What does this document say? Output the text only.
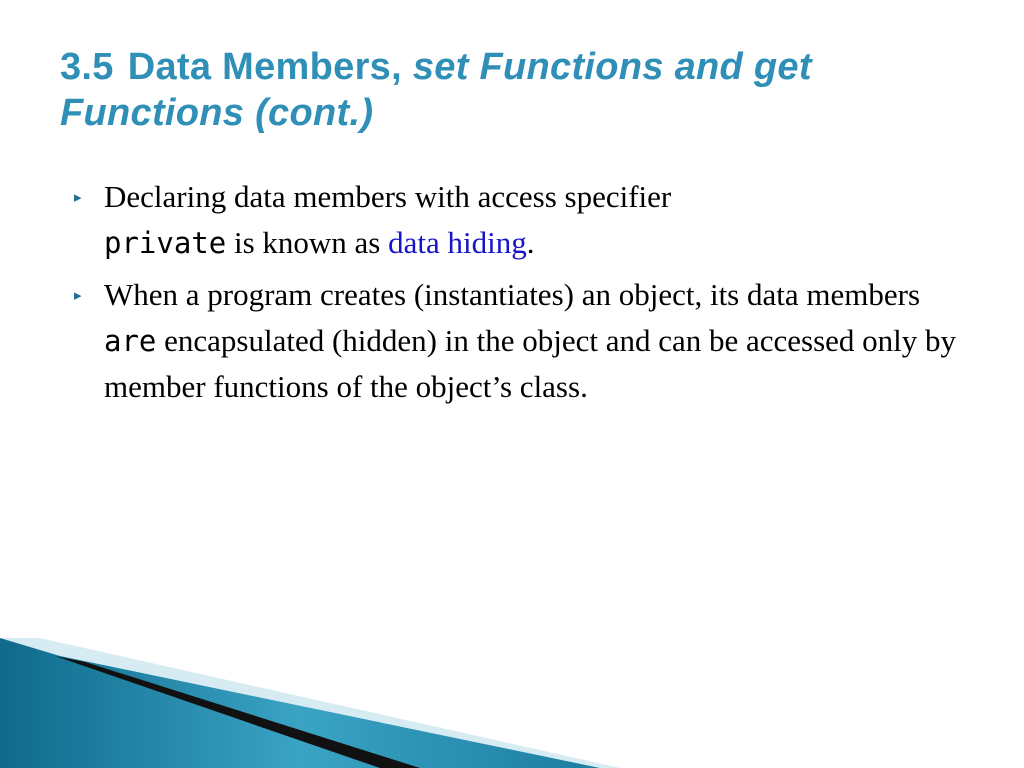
3.5 Data Members, set Functions and get
Functions (cont.)
▸ Declaring data members with access specifier
private is known as data hiding.
▸ When a program creates (instantiates) an object, its data members are encapsulated (hidden) in the object and can be accessed only by member functions of the object’s class.
